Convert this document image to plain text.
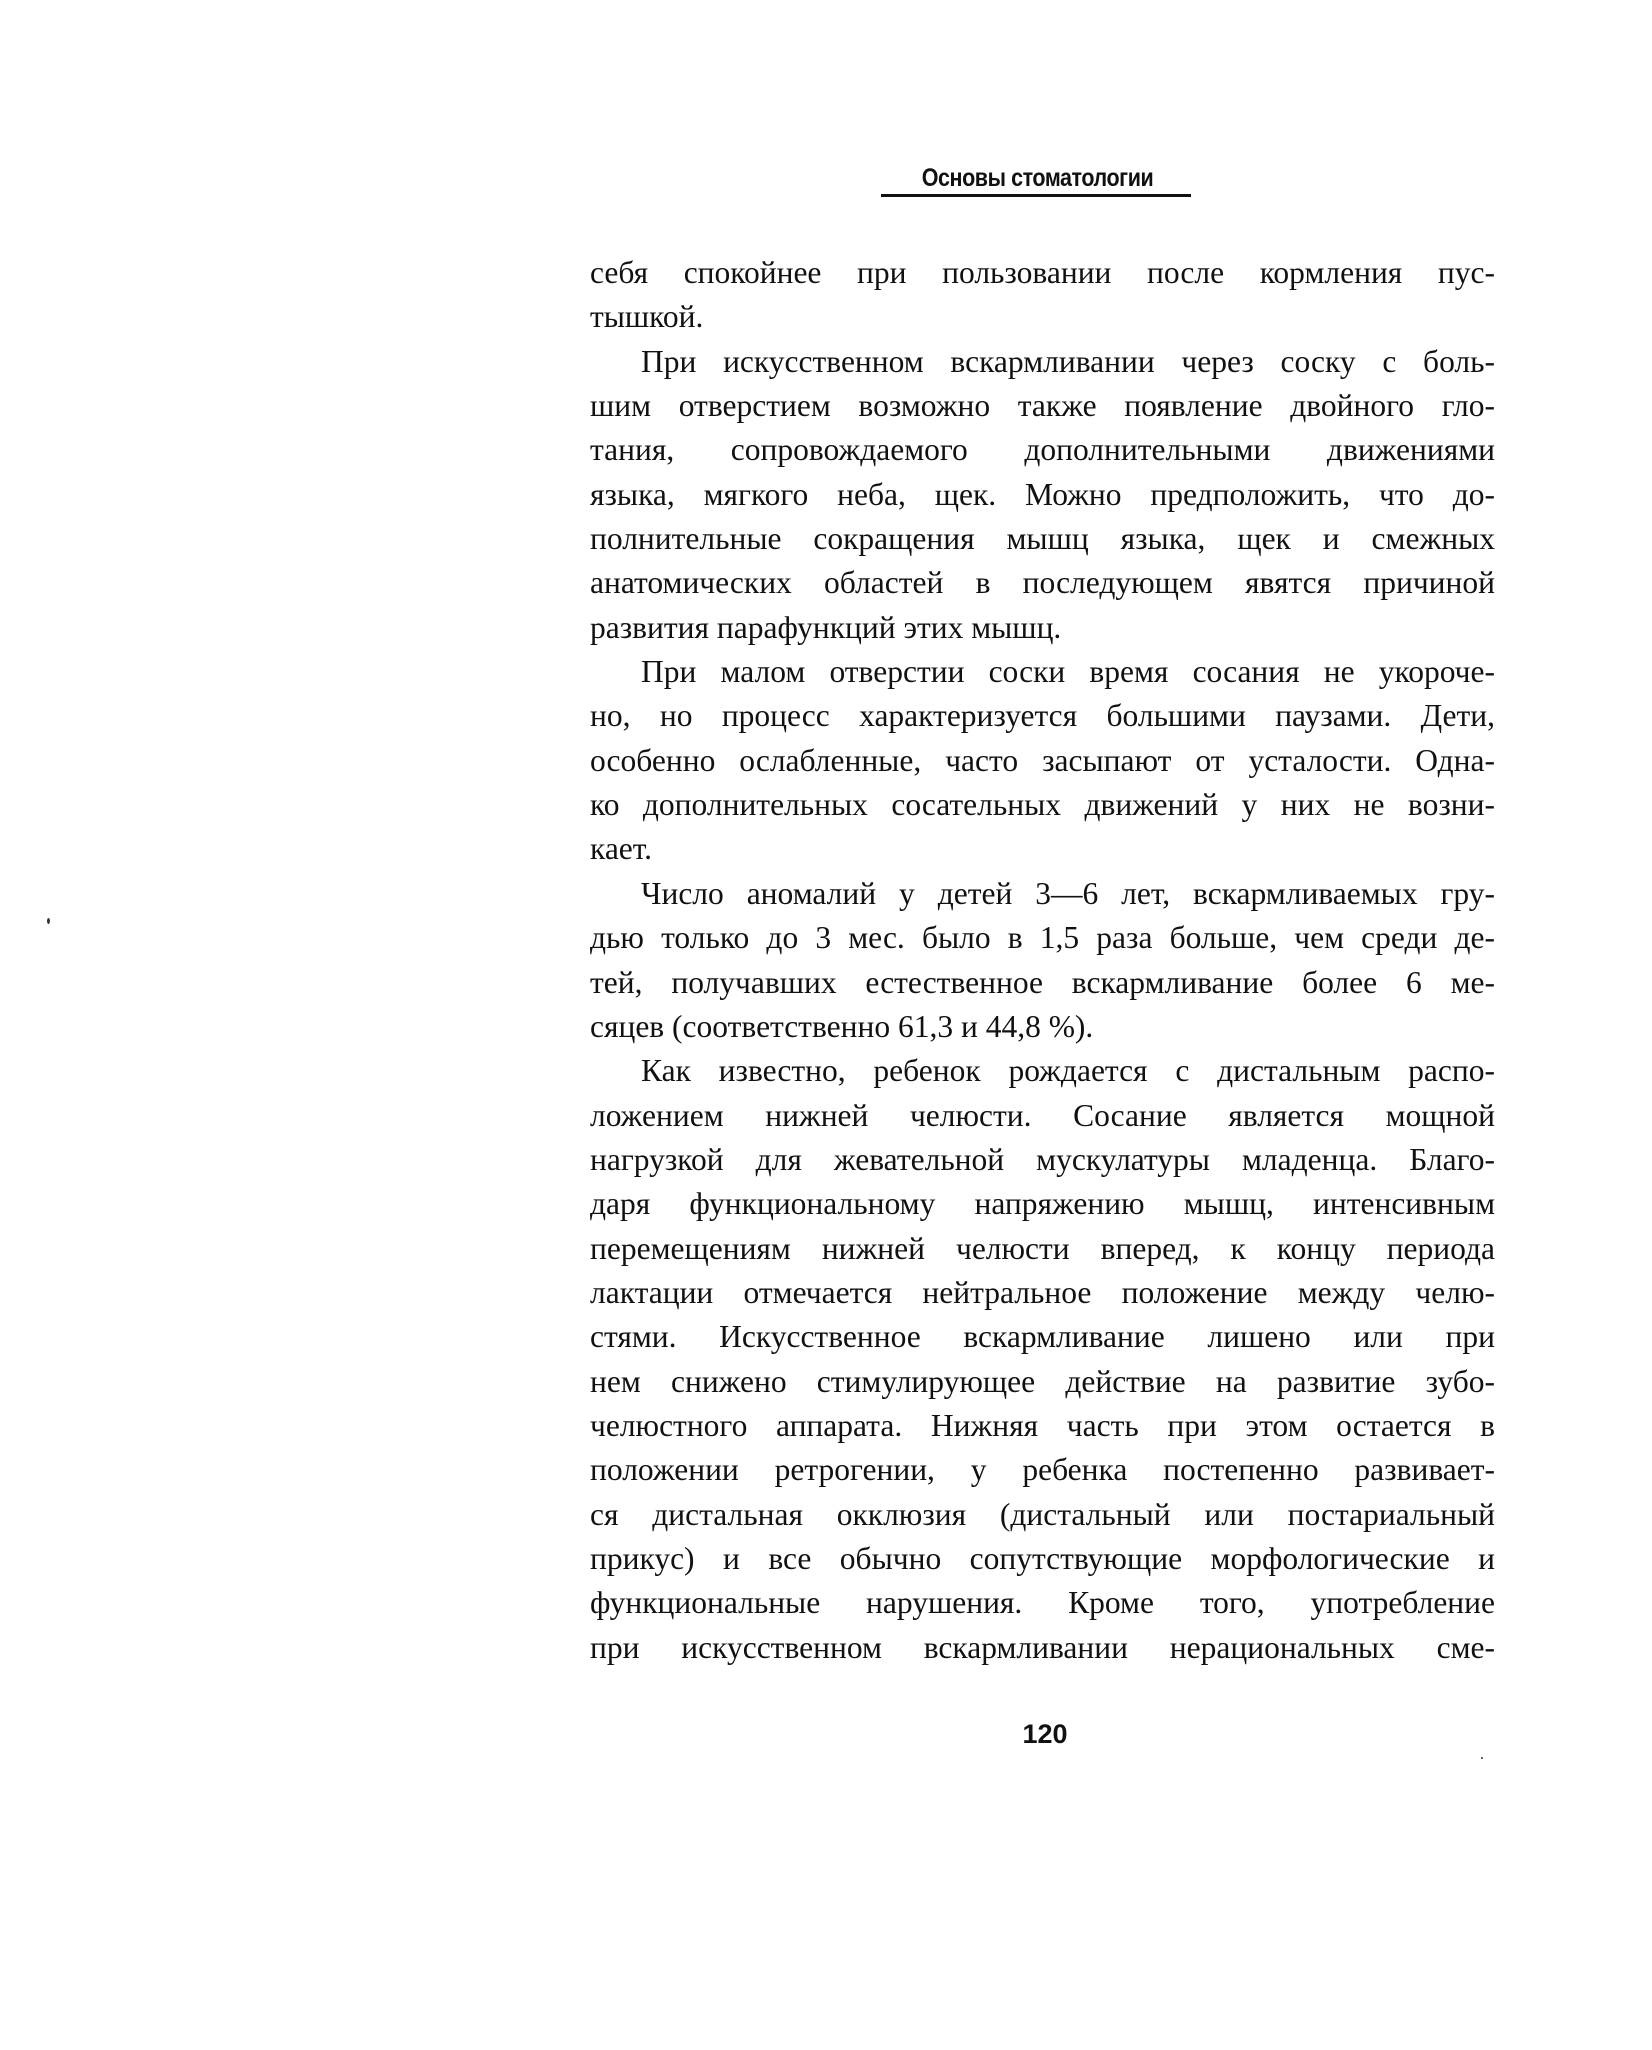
Основы стоматологии
себя спокойнее при пользовании после кормления пус-
тышкой.
При искусственном вскармливании через соску с боль-
шим отверстием возможно также появление двойного гло-
тания, сопровождаемого дополнительными движениями
языка, мягкого неба, щек. Можно предположить, что до-
полнительные сокращения мышц языка, щек и смежных
анатомических областей в последующем явятся причиной
развития парафункций этих мышц.
При малом отверстии соски время сосания не укороче-
но, но процесс характеризуется большими паузами. Дети,
особенно ослабленные, часто засыпают от усталости. Одна-
ко дополнительных сосательных движений у них не возни-
кает.
Число аномалий у детей 3—6 лет, вскармливаемых гру-
дью только до 3 мес. было в 1,5 раза больше, чем среди де-
тей, получавших естественное вскармливание более 6 ме-
сяцев (соответственно 61,3 и 44,8 %).
Как известно, ребенок рождается с дистальным распо-
ложением нижней челюсти. Сосание является мощной
нагрузкой для жевательной мускулатуры младенца. Благо-
даря функциональному напряжению мышц, интенсивным
перемещениям нижней челюсти вперед, к концу периода
лактации отмечается нейтральное положение между челю-
стями. Искусственное вскармливание лишено или при
нем снижено стимулирующее действие на развитие зубо-
челюстного аппарата. Нижняя часть при этом остается в
положении ретрогении, у ребенка постепенно развивает-
ся дистальная окклюзия (дистальный или постариальный
прикус) и все обычно сопутствующие морфологические и
функциональные нарушения. Кроме того, употребление
при искусственном вскармливании нерациональных сме-
120
